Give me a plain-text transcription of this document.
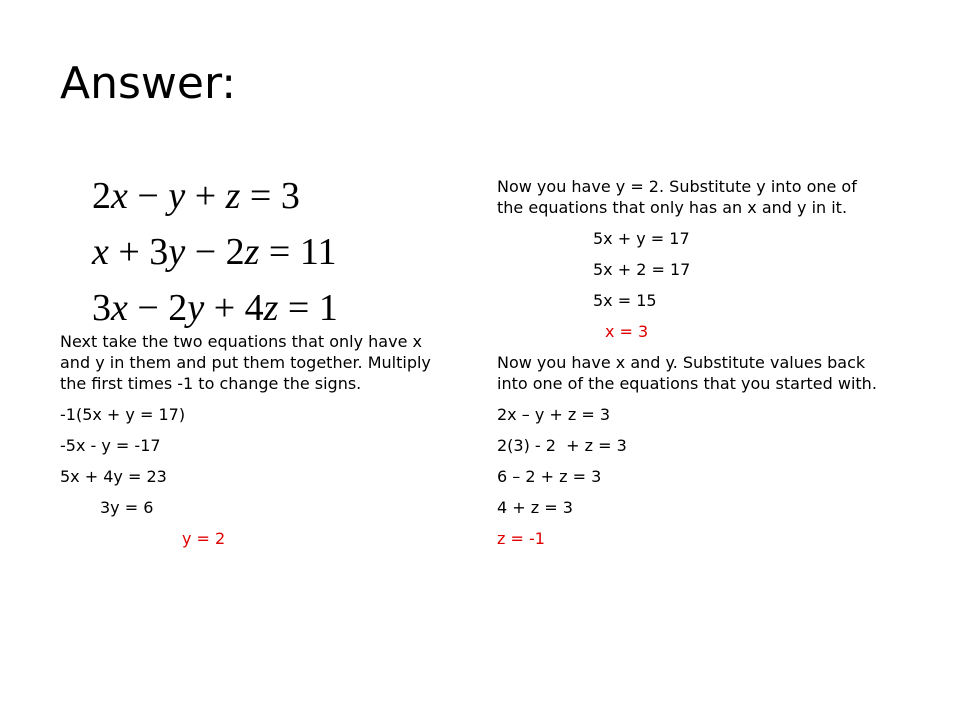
Answer:
2x − y + z = 3
x + 3y − 2z = 11
3x − 2y + 4z = 1

Next take the two equations that only have x and y in them and put them together. Multiply the first times -1 to change the signs.

-1(5x + y = 17)
-5x - y = -17
5x + 4y = 23
3y = 6
y = 2

Now you have y = 2. Substitute y into one of the equations that only has an x and y in it.

5x + y = 17
5x + 2 = 17
5x = 15
x = 3

Now you have x and y. Substitute values back into one of the equations that you started with.

2x – y + z = 3
2(3) - 2  + z = 3
6 – 2 + z = 3
4 + z = 3
z = -1
